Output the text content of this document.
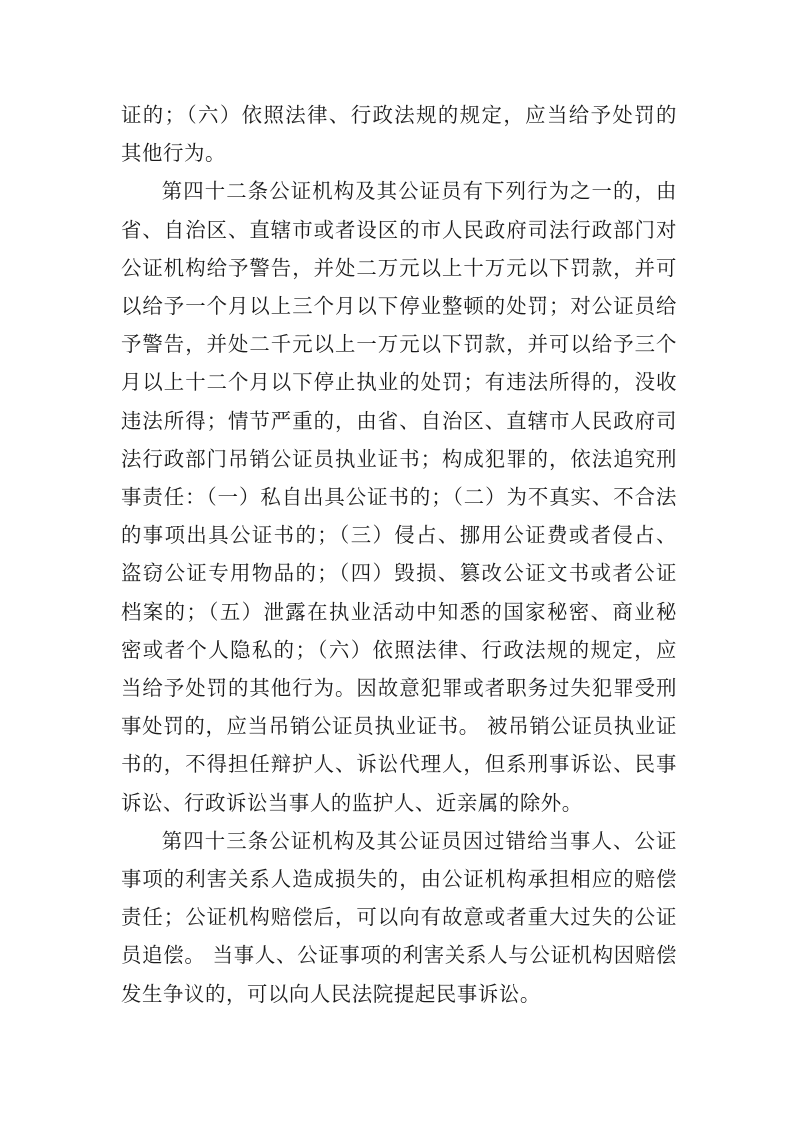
证的；（六）依照法律、行政法规的规定，应当给予处罚的其他行为。

第四十二条公证机构及其公证员有下列行为之一的，由省、自治区、直辖市或者设区的市人民政府司法行政部门对公证机构给予警告，并处二万元以上十万元以下罚款，并可以给予一个月以上三个月以下停业整顿的处罚；对公证员给予警告，并处二千元以上一万元以下罚款，并可以给予三个月以上十二个月以下停止执业的处罚；有违法所得的，没收违法所得；情节严重的，由省、自治区、直辖市人民政府司法行政部门吊销公证员执业证书；构成犯罪的，依法追究刑事责任：（一）私自出具公证书的；（二）为不真实、不合法的事项出具公证书的；（三）侵占、挪用公证费或者侵占、盗窃公证专用物品的；（四）毁损、篡改公证文书或者公证档案的；（五）泄露在执业活动中知悉的国家秘密、商业秘密或者个人隐私的；（六）依照法律、行政法规的规定，应当给予处罚的其他行为。因故意犯罪或者职务过失犯罪受刑事处罚的，应当吊销公证员执业证书。 被吊销公证员执业证书的，不得担任辩护人、诉讼代理人，但系刑事诉讼、民事诉讼、行政诉讼当事人的监护人、近亲属的除外。

第四十三条公证机构及其公证员因过错给当事人、公证事项的利害关系人造成损失的，由公证机构承担相应的赔偿责任；公证机构赔偿后，可以向有故意或者重大过失的公证员追偿。 当事人、公证事项的利害关系人与公证机构因赔偿发生争议的，可以向人民法院提起民事诉讼。
